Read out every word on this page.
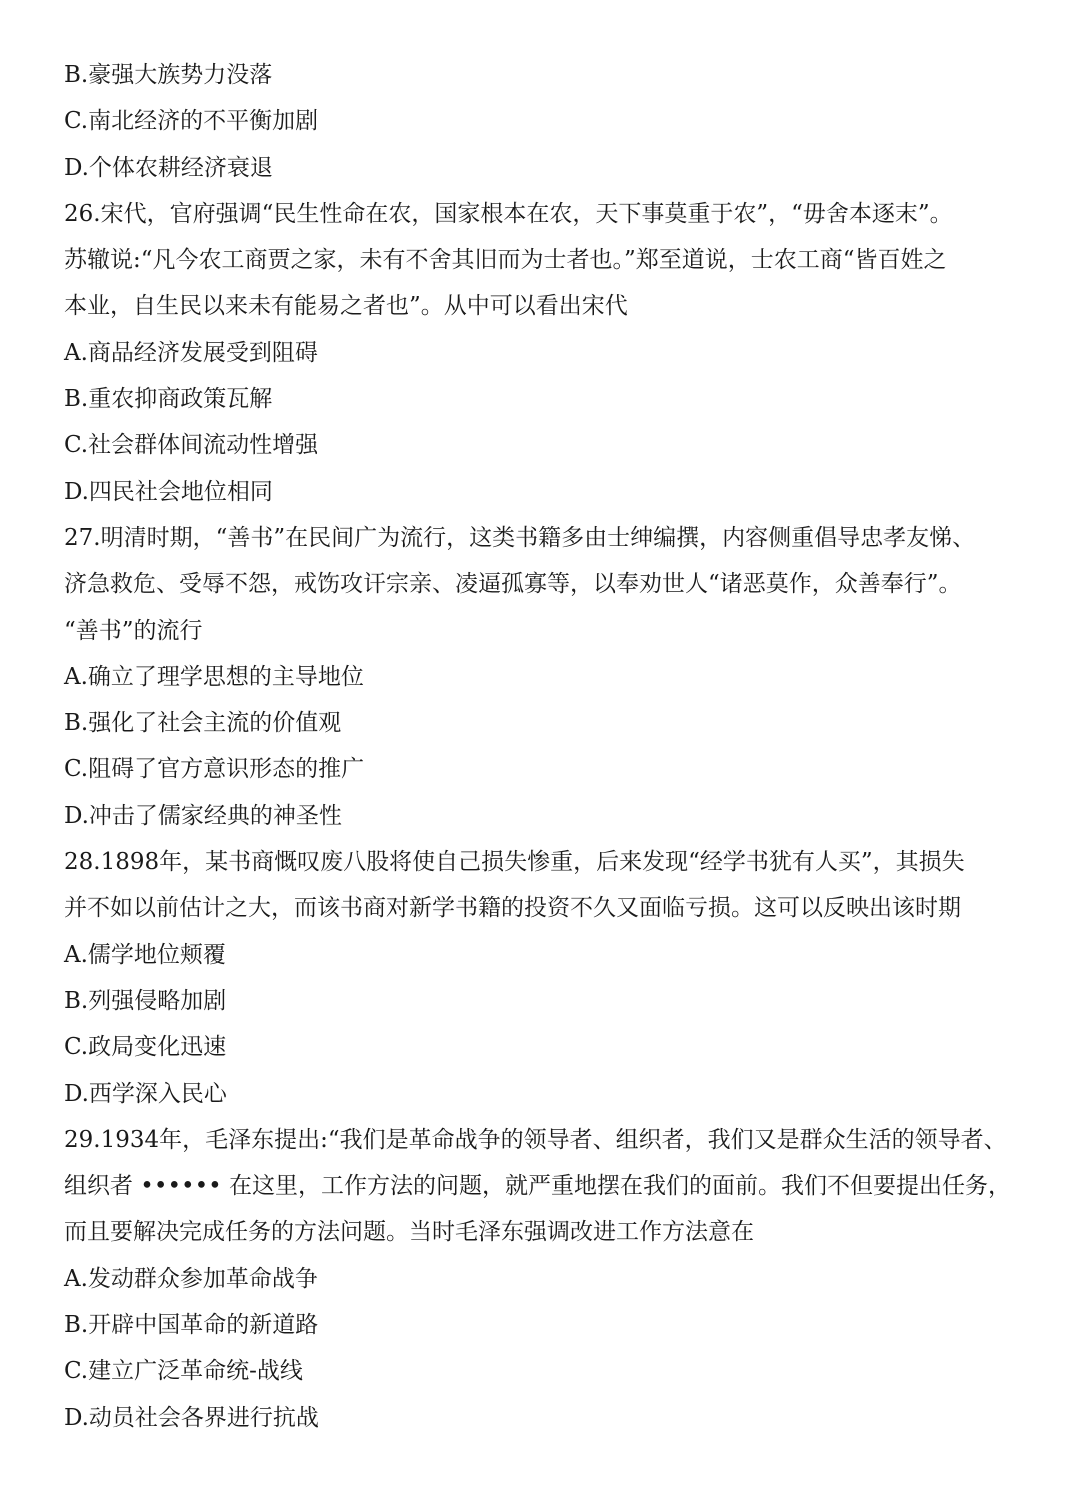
B.豪强大族势力没落
C.南北经济的不平衡加剧
D.个体农耕经济衰退
26.宋代，官府强调“民生性命在农，国家根本在农，天下事莫重于农”，“毋舍本逐末”。
苏辙说:“凡今农工商贾之家，未有不舍其旧而为士者也。”郑至道说，士农工商“皆百姓之
本业，自生民以来未有能易之者也”。从中可以看出宋代
A.商品经济发展受到阻碍
B.重农抑商政策瓦解
C.社会群体间流动性增强
D.四民社会地位相同
27.明清时期，“善书”在民间广为流行，这类书籍多由士绅编撰，内容侧重倡导忠孝友悌、
济急救危、受辱不怨，戒饬攻讦宗亲、凌逼孤寡等，以奉劝世人“诸恶莫作，众善奉行”。
“善书”的流行
A.确立了理学思想的主导地位
B.强化了社会主流的价值观
C.阻碍了官方意识形态的推广
D.冲击了儒家经典的神圣性
28.1898年，某书商慨叹废八股将使自己损失惨重，后来发现“经学书犹有人买”，其损失
并不如以前估计之大，而该书商对新学书籍的投资不久又面临亏损。这可以反映出该时期
A.儒学地位颊覆
B.列强侵略加剧
C.政局变化迅速
D.西学深入民心
29.1934年，毛泽东提出:“我们是革命战争的领导者、组织者，我们又是群众生活的领导者、
组织者 •••••• 在这里，工作方法的问题，就严重地摆在我们的面前。我们不但要提出任务，
而且要解决完成任务的方法问题。当时毛泽东强调改进工作方法意在
A.发动群众参加革命战争
B.开辟中国革命的新道路
C.建立广泛革命统-战线
D.动员社会各界进行抗战
